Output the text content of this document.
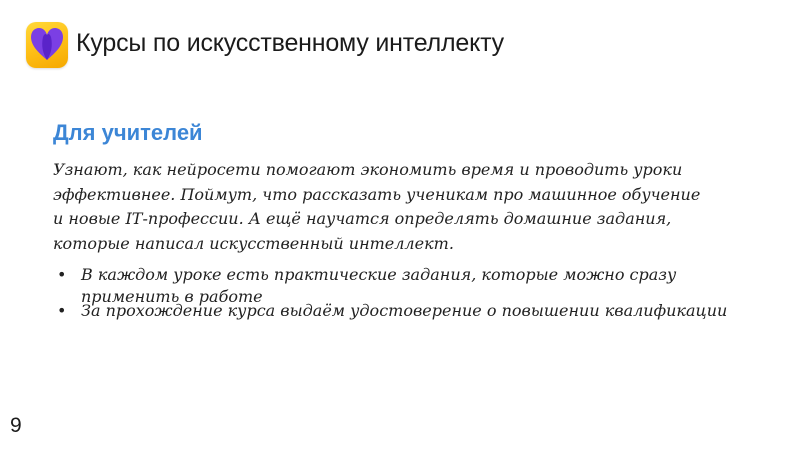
Курсы по искусственному интеллекту
Для учителей
Узнают, как нейросети помогают экономить время и проводить уроки
эффективнее. Поймут, что рассказать ученикам про машинное обучение
и новые IT‑профессии. А ещё научатся определять домашние задания,
которые написал искусственный интеллект.
• В каждом уроке есть практические задания, которые можно сразу
применить в работе
• За прохождение курса выдаём удостоверение о повышении квалификации
9
